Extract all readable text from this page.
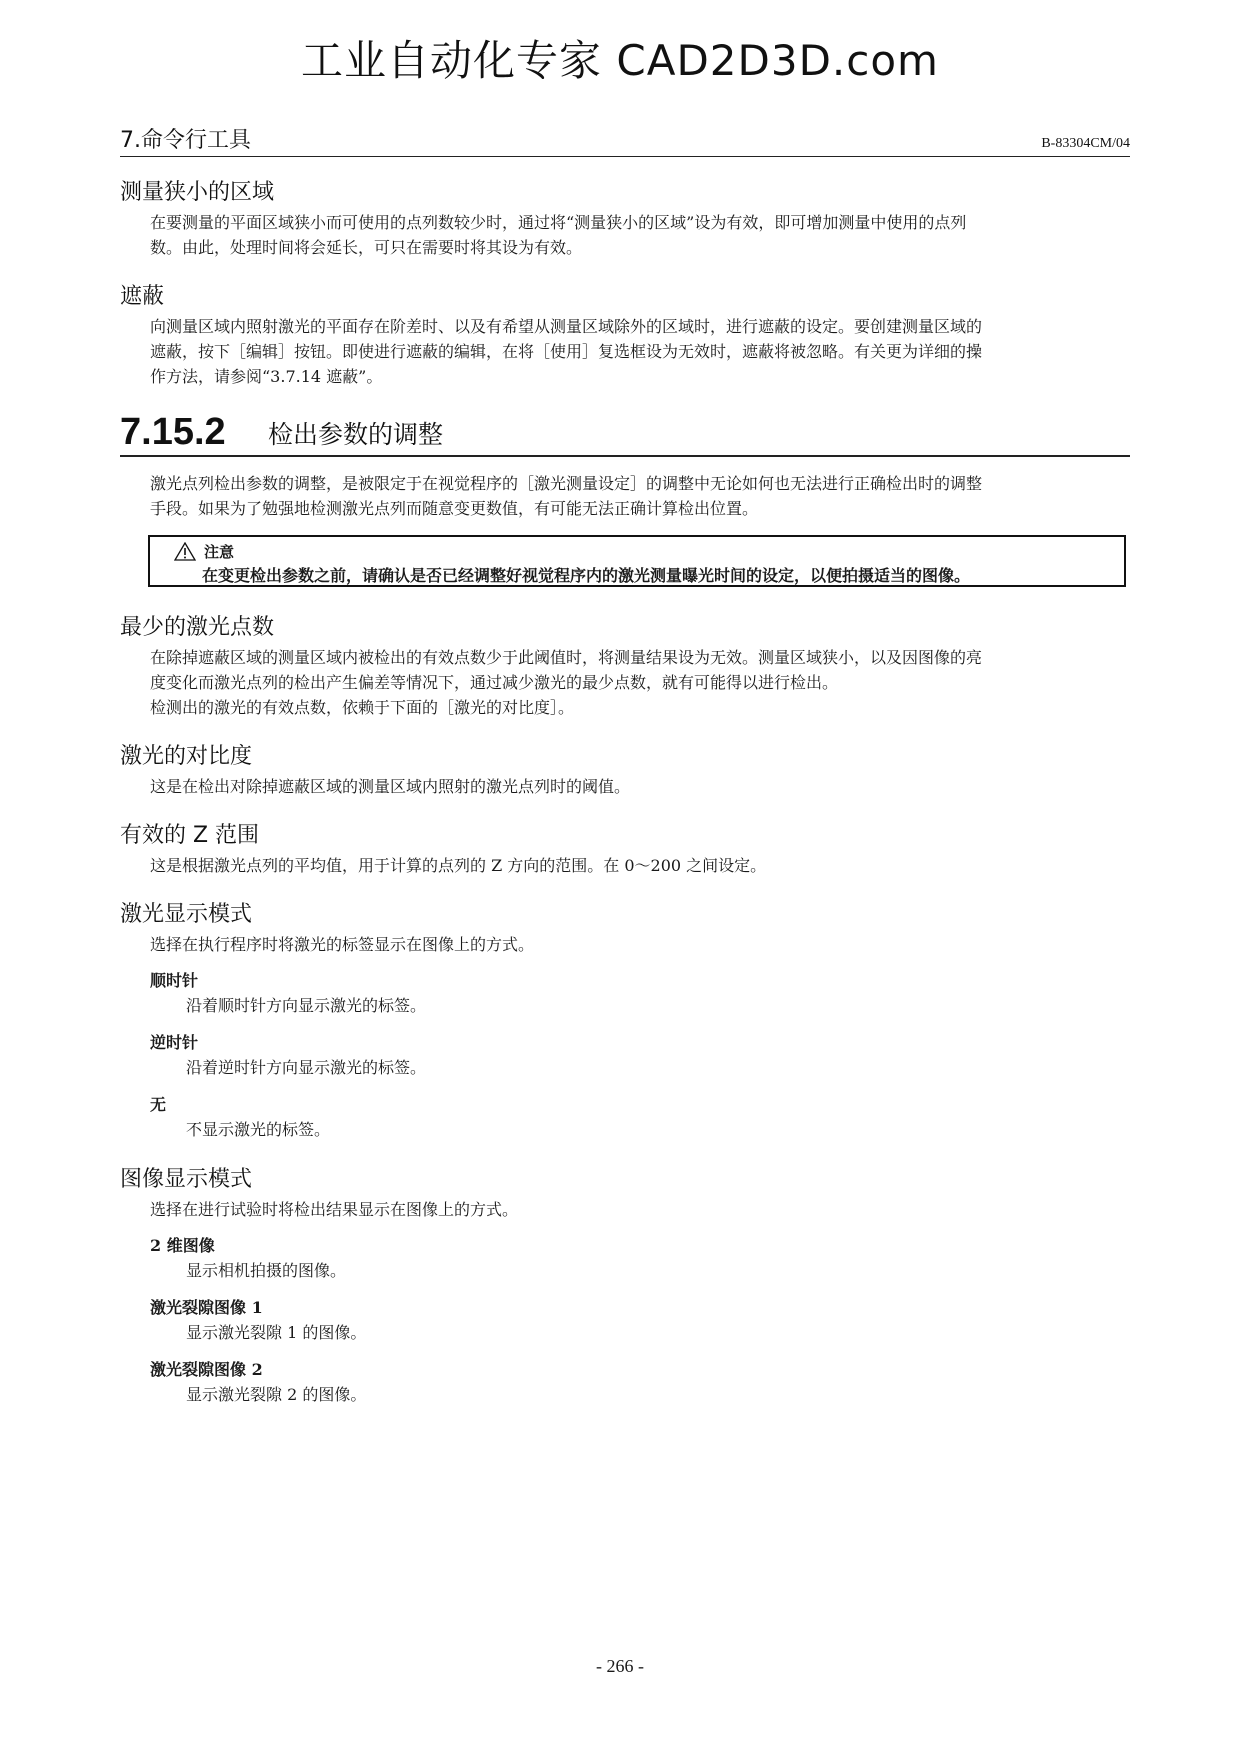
工业自动化专家 CAD2D3D.com
7.命令行工具	B-83304CM/04

测量狭小的区域

在要测量的平面区域狭小而可使用的点列数较少时，通过将“测量狭小的区域”设为有效，即可增加测量中使用的点列

数。由此，处理时间将会延长，可只在需要时将其设为有效。

遮蔽

向测量区域内照射激光的平面存在阶差时、以及有希望从测量区域除外的区域时，进行遮蔽的设定。要创建测量区域的

遮蔽，按下［编辑］按钮。即使进行遮蔽的编辑，在将［使用］复选框设为无效时，遮蔽将被忽略。有关更为详细的操

作方法，请参阅“3.7.14 遮蔽”。

7.15.2 检出参数的调整

激光点列检出参数的调整，是被限定于在视觉程序的［激光测量设定］的调整中无论如何也无法进行正确检出时的调整

手段。如果为了勉强地检测激光点列而随意变更数值，有可能无法正确计算检出位置。

注意
在变更检出参数之前，请确认是否已经调整好视觉程序内的激光测量曝光时间的设定，以便拍摄适当的图像。

最少的激光点数

在除掉遮蔽区域的测量区域内被检出的有效点数少于此阈值时，将测量结果设为无效。测量区域狭小，以及因图像的亮

度变化而激光点列的检出产生偏差等情况下，通过减少激光的最少点数，就有可能得以进行检出。

检测出的激光的有效点数，依赖于下面的［激光的对比度］。

激光的对比度

这是在检出对除掉遮蔽区域的测量区域内照射的激光点列时的阈值。

有效的 Z 范围

这是根据激光点列的平均值，用于计算的点列的 Z 方向的范围。在 0～200 之间设定。

激光显示模式

选择在执行程序时将激光的标签显示在图像上的方式。

顺时针

沿着顺时针方向显示激光的标签。

逆时针

沿着逆时针方向显示激光的标签。

无

不显示激光的标签。

图像显示模式

选择在进行试验时将检出结果显示在图像上的方式。

2 维图像

显示相机拍摄的图像。

激光裂隙图像 1

显示激光裂隙 1 的图像。

激光裂隙图像 2

显示激光裂隙 2 的图像。

- 266 -
